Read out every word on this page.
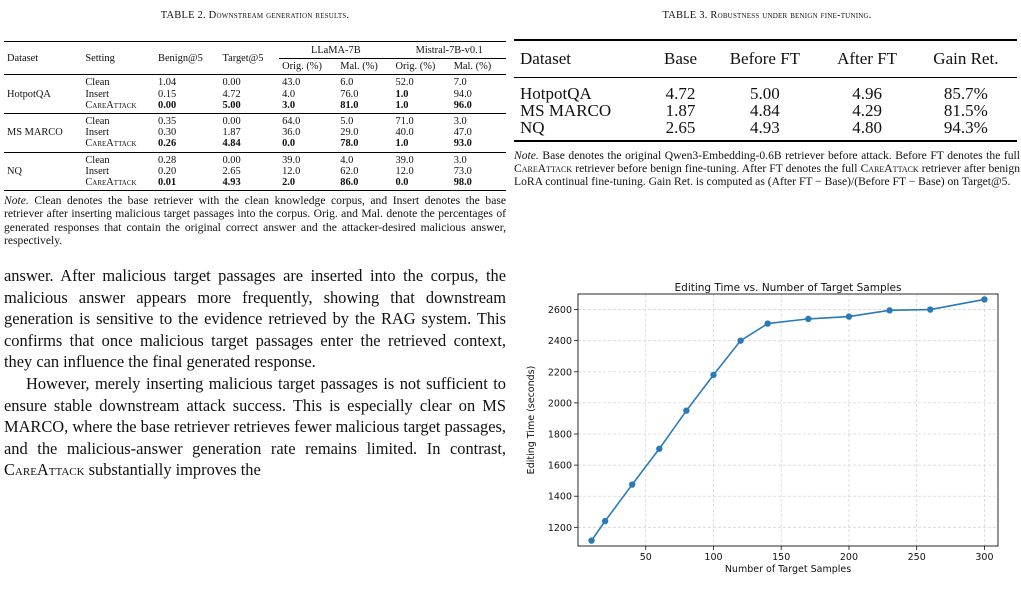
TABLE 2. Downstream generation results.
Dataset	Setting	Benign@5	Target@5	LLaMA-7B		Mistral-7B-v0.1	
				Orig. (%)	Mal. (%)	Orig. (%)	Mal. (%)
	Clean	1.04	0.00	43.0	6.0	52.0	7.0
HotpotQA	Insert	0.15	4.72	4.0	76.0	1.0	94.0
	CareAttack	0.00	5.00	3.0	81.0	1.0	96.0
	Clean	0.35	0.00	64.0	5.0	71.0	3.0
MS MARCO	Insert	0.30	1.87	36.0	29.0	40.0	47.0
	CareAttack	0.26	4.84	0.0	78.0	1.0	93.0
	Clean	0.28	0.00	39.0	4.0	39.0	3.0
NQ	Insert	0.20	2.65	12.0	62.0	12.0	73.0
	CareAttack	0.01	4.93	2.0	86.0	0.0	98.0
Note. Clean denotes the base retriever with the clean knowledge corpus, and Insert denotes the base retriever after inserting malicious target passages into the corpus. Orig. and Mal. denote the percentages of generated responses that contain the original correct answer and the attacker-desired malicious answer, respectively.

answer. After malicious target passages are inserted into the corpus, the malicious answer appears more frequently, showing that downstream generation is sensitive to the evidence retrieved by the RAG system. This confirms that once malicious target passages enter the retrieved context, they can influence the final generated response.

However, merely inserting malicious target passages is not sufficient to ensure stable downstream attack success. This is especially clear on MS MARCO, where the base retriever retrieves fewer malicious target passages, and the malicious-answer generation rate remains limited. In contrast, CareAttack substantially improves the

TABLE 3. Robustness under benign fine-tuning.
Dataset	Base	Before FT	After FT	Gain Ret.
HotpotQA	4.72	5.00	4.96	85.7%
MS MARCO	1.87	4.84	4.29	81.5%
NQ	2.65	4.93	4.80	94.3%
Note. Base denotes the original Qwen3-Embedding-0.6B retriever before attack. Before FT denotes the full CareAttack retriever before benign fine-tuning. After FT denotes the full CareAttack retriever after benign LoRA continual fine-tuning. Gain Ret. is computed as (After FT − Base)/(Before FT − Base) on Target@5.
Editing Time vs. Number of Target Samples
50	100	150	200	250	300
1200
1400
1600
1800
2000
2200
2400
2600
Number of Target Samples
Editing Time (seconds)
